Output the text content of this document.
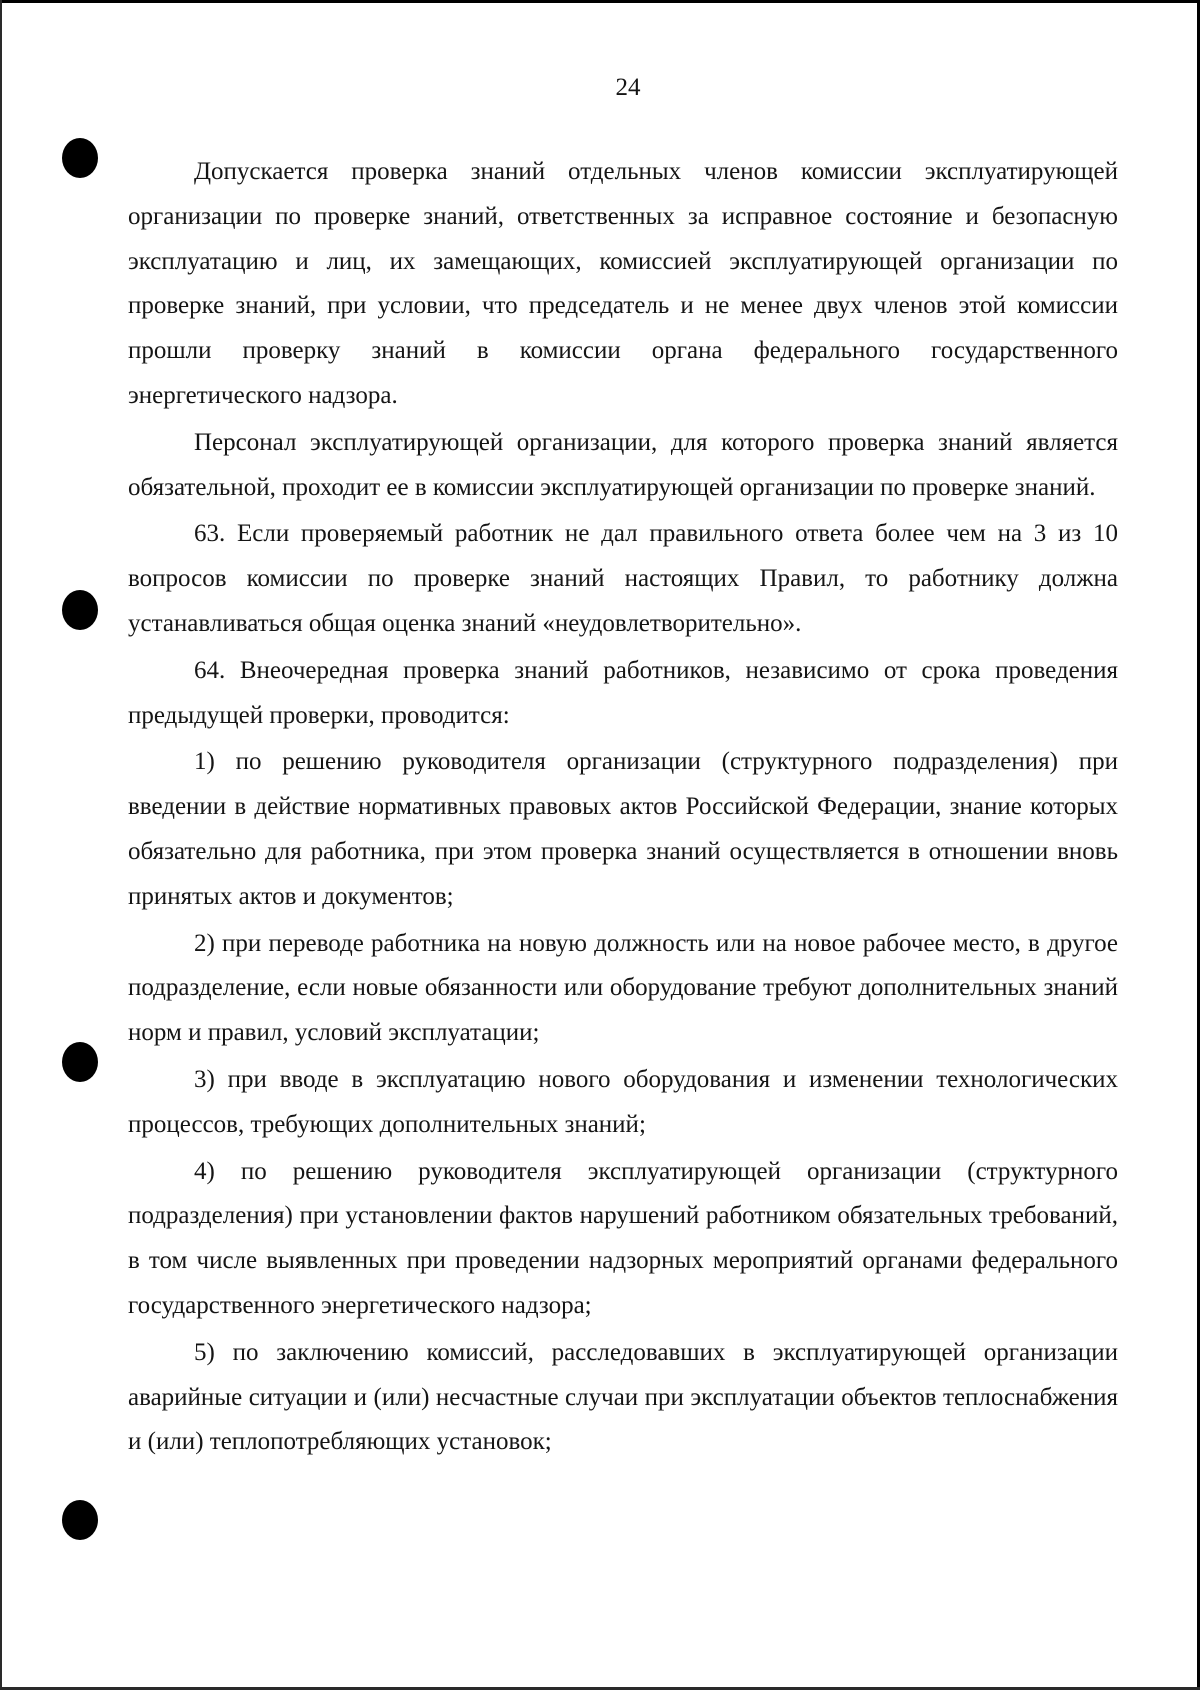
24

Допускается проверка знаний отдельных членов комиссии эксплуатирующей организации по проверке знаний, ответственных за исправное состояние и безопасную эксплуатацию и лиц, их замещающих, комиссией эксплуатирующей организации по проверке знаний, при условии, что председатель и не менее двух членов этой комиссии прошли проверку знаний в комиссии органа федерального государственного энергетического надзора.

Персонал эксплуатирующей организации, для которого проверка знаний является обязательной, проходит ее в комиссии эксплуатирующей организации по проверке знаний.

63. Если проверяемый работник не дал правильного ответа более чем на 3 из 10 вопросов комиссии по проверке знаний настоящих Правил, то работнику должна устанавливаться общая оценка знаний «неудовлетворительно».

64. Внеочередная проверка знаний работников, независимо от срока проведения предыдущей проверки, проводится:

1) по решению руководителя организации (структурного подразделения) при введении в действие нормативных правовых актов Российской Федерации, знание которых обязательно для работника, при этом проверка знаний осуществляется в отношении вновь принятых актов и документов;

2) при переводе работника на новую должность или на новое рабочее место, в другое подразделение, если новые обязанности или оборудование требуют дополнительных знаний норм и правил, условий эксплуатации;

3) при вводе в эксплуатацию нового оборудования и изменении технологических процессов, требующих дополнительных знаний;

4) по решению руководителя эксплуатирующей организации (структурного подразделения) при установлении фактов нарушений работником обязательных требований, в том числе выявленных при проведении надзорных мероприятий органами федерального государственного энергетического надзора;

5) по заключению комиссий, расследовавших в эксплуатирующей организации аварийные ситуации и (или) несчастные случаи при эксплуатации объектов теплоснабжения и (или) теплопотребляющих установок;
